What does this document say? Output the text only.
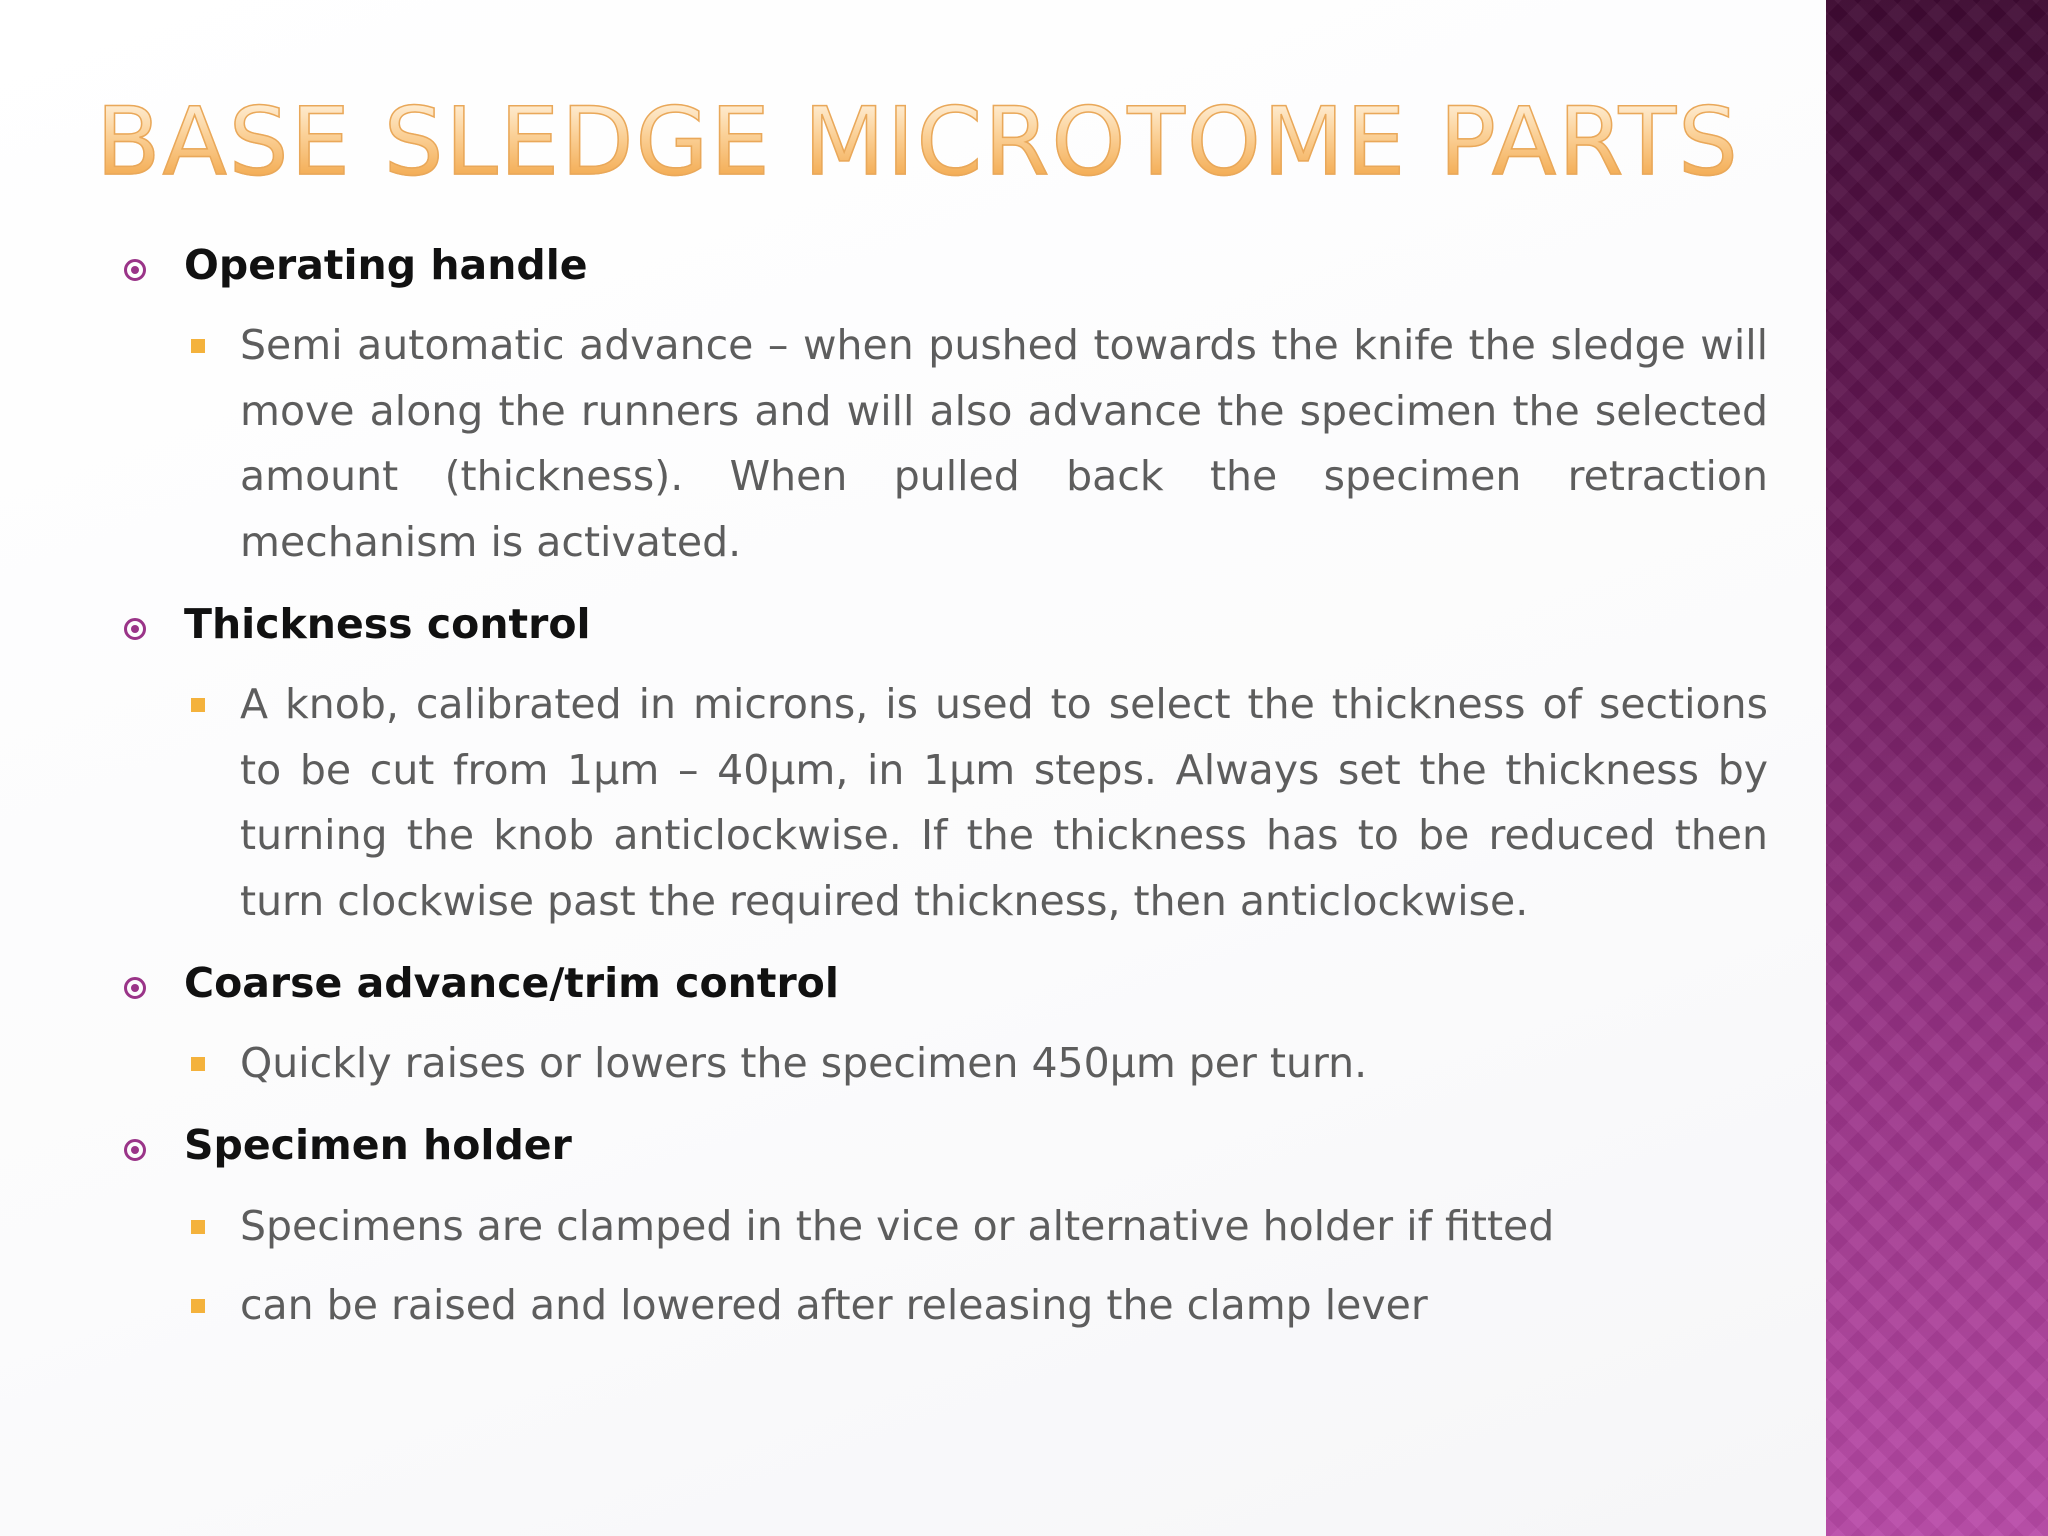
BASE SLEDGE MICROTOME PARTS
Operating handle
Semi automatic advance – when pushed towards the knife the sledge will move along the runners and will also advance the specimen the selected amount (thickness). When pulled back the specimen retraction mechanism is activated.
Thickness control
A knob, calibrated in microns, is used to select the thickness of sections to be cut from 1µm – 40µm, in 1µm steps. Always set the thickness by turning the knob anticlockwise. If the thickness has to be reduced then turn clockwise past the required thickness, then anticlockwise.
Coarse advance/trim control
Quickly raises or lowers the specimen 450µm per turn.
Specimen holder
Specimens are clamped in the vice or alternative holder if fitted
can be raised and lowered after releasing the clamp lever
